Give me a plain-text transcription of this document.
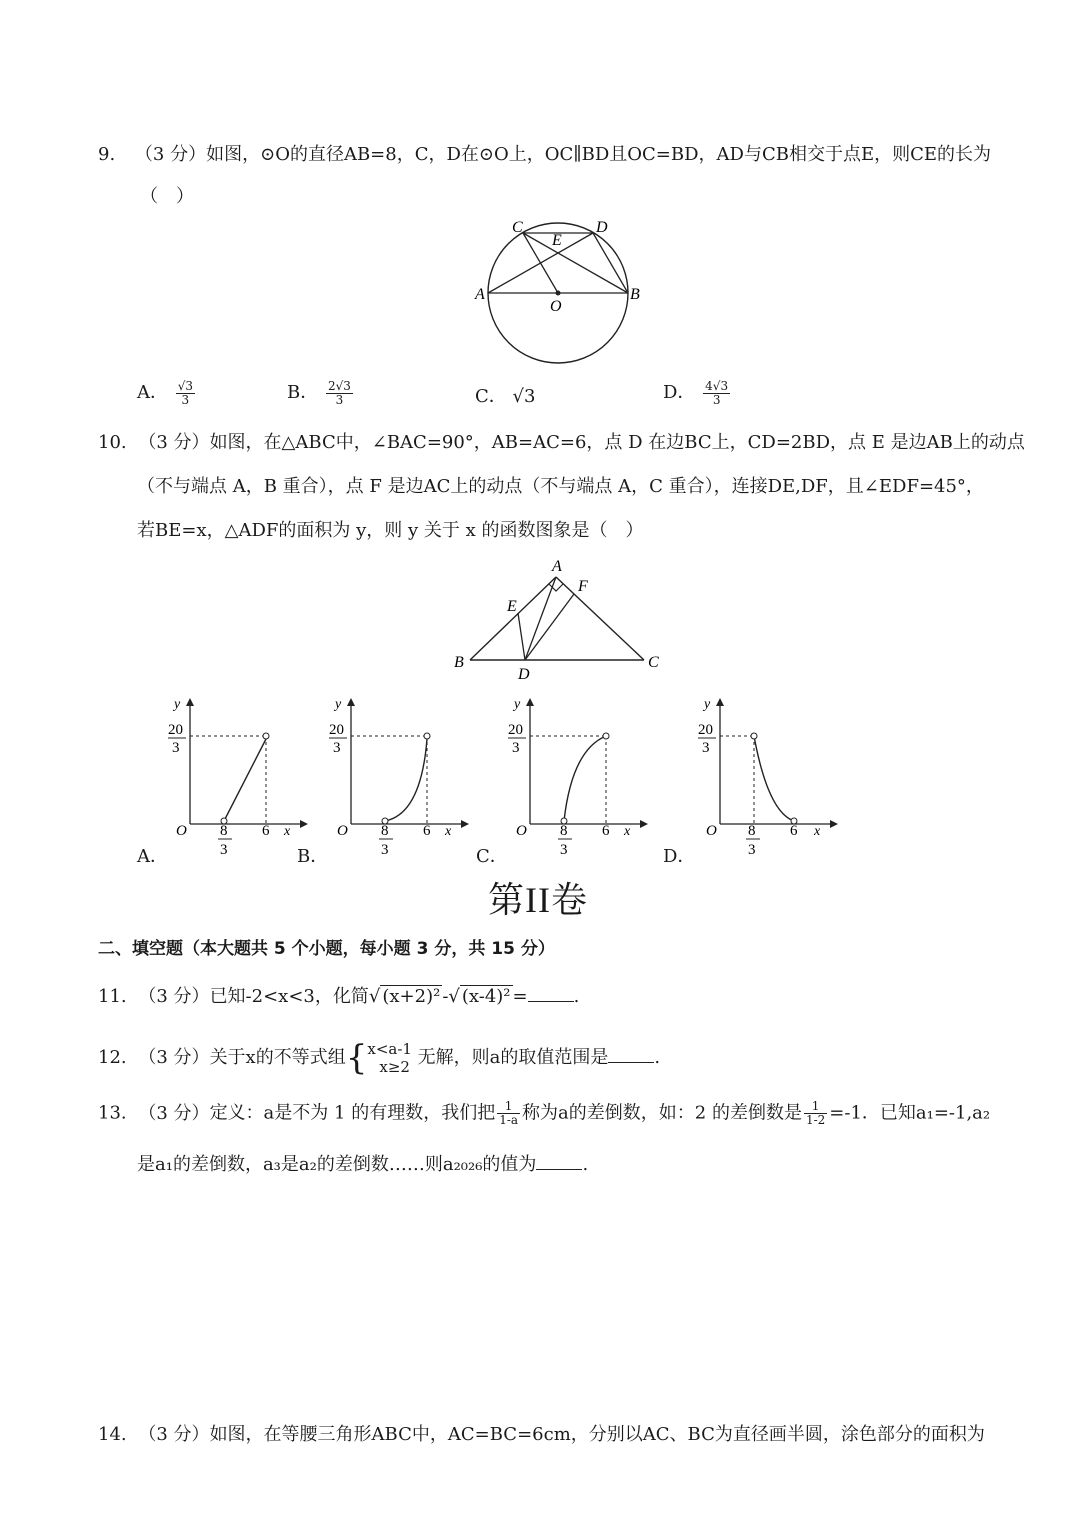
9. （3 分）如图，⊙O的直径AB=8，C，D在⊙O上，OC∥BD且OC=BD，AD与CB相交于点E，则CE的长为
（　）
A	B
C	D
E
O
A． $\frac{√3}{3}$	B． $\frac{2√3}{3}$	C． √3	D． $\frac{4√3}{3}$
10. （3 分）如图，在△ABC中，∠BAC=90°，AB=AC=6，点 D 在边BC上，CD=2BD，点 E 是边AB上的动点
（不与端点 A，B 重合），点 F 是边AC上的动点（不与端点 A，C 重合），连接DE,DF，且∠EDF=45°，
若BE=x，△ADF的面积为 y，则 y 关于 x 的函数图象是（　）
A
B	C
D
E
F
y
20
3
O 8
3
6 x
A．
y
20
3
O 8
3
6 x
B．
y
20
3
O 8
3
6 x
C．
y
20
3
O 8
3
6 x
D．
第II卷
二、填空题（本大题共 5 个小题，每小题 3 分，共 15 分）
11. （3 分）已知-2<x<3，化简√ (x+2)² -√ (x-4)² =	.
12. （3 分）关于x的不等式组{ x<a-1
x≥2 无解，则a的取值范围是	.
13. （3 分）定义：a是不为 1 的有理数，我们把 $\frac{1}{1-a}$ 称为a的差倒数，如：2 的差倒数是 $\frac{1}{1-2} =-1$．已知a₁=-1,a₂
是a₁的差倒数，a₃是a₂的差倒数……则a₂₀₂₆的值为	.
14. （3 分）如图，在等腰三角形ABC中，AC=BC=6cm，分别以AC、BC为直径画半圆，涂色部分的面积为
